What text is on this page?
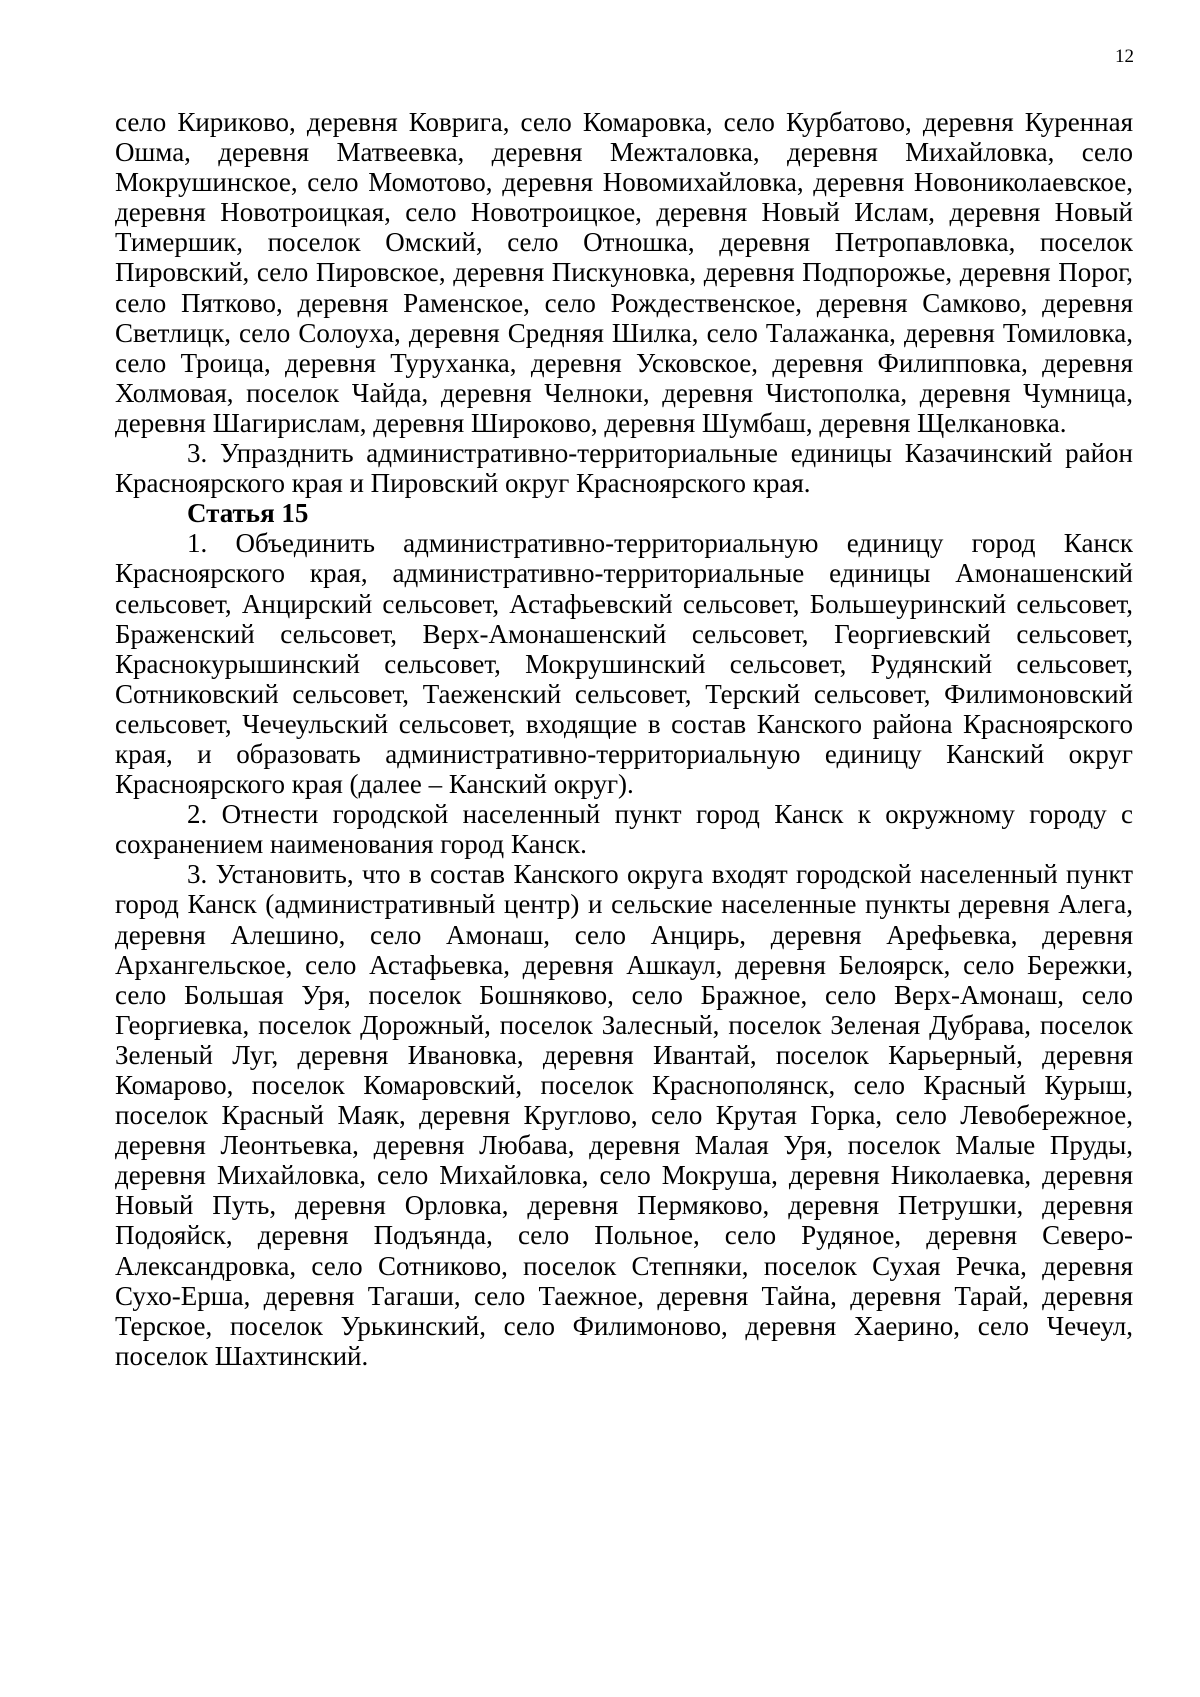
12

село Кириково, деревня Коврига, село Комаровка, село Курбатово, деревня Куренная Ошма, деревня Матвеевка, деревня Межталовка, деревня Михайловка, село Мокрушинское, село Момотово, деревня Новомихайловка, деревня Новониколаевское, деревня Новотроицкая, село Новотроицкое, деревня Новый Ислам, деревня Новый Тимершик, поселок Омский, село Отношка, деревня Петропавловка, поселок Пировский, село Пировское, деревня Пискуновка, деревня Подпорожье, деревня Порог, село Пятково, деревня Раменское, село Рождественское, деревня Самково, деревня Светлицк, село Солоуха, деревня Средняя Шилка, село Талажанка, деревня Томиловка, село Троица, деревня Туруханка, деревня Усковское, деревня Филипповка, деревня Холмовая, поселок Чайда, деревня Челноки, деревня Чистополка, деревня Чумница, деревня Шагирислам, деревня Широково, деревня Шумбаш, деревня Щелкановка.

3. Упразднить административно-территориальные единицы Казачинский район Красноярского края и Пировский округ Красноярского края.

Статья 15

1. Объединить административно-территориальную единицу город Канск Красноярского края, административно-территориальные единицы Амонашенский сельсовет, Анцирский сельсовет, Астафьевский сельсовет, Большеуринский сельсовет, Браженский сельсовет, Верх-Амонашенский сельсовет, Георгиевский сельсовет, Краснокурышинский сельсовет, Мокрушинский сельсовет, Рудянский сельсовет, Сотниковский сельсовет, Таеженский сельсовет, Терский сельсовет, Филимоновский сельсовет, Чечеульский сельсовет, входящие в состав Канского района Красноярского края, и образовать административно-территориальную единицу Канский округ Красноярского края (далее – Канский округ).

2. Отнести городской населенный пункт город Канск к окружному городу с сохранением наименования город Канск.

3. Установить, что в состав Канского округа входят городской населенный пункт город Канск (административный центр) и сельские населенные пункты деревня Алега, деревня Алешино, село Амонаш, село Анцирь, деревня Арефьевка, деревня Архангельское, село Астафьевка, деревня Ашкаул, деревня Белоярск, село Бережки, село Большая Уря, поселок Бошняково, село Бражное, село Верх-Амонаш, село Георгиевка, поселок Дорожный, поселок Залесный, поселок Зеленая Дубрава, поселок Зеленый Луг, деревня Ивановка, деревня Ивантай, поселок Карьерный, деревня Комарово, поселок Комаровский, поселок Краснополянск, село Красный Курыш, поселок Красный Маяк, деревня Круглово, село Крутая Горка, село Левобережное, деревня Леонтьевка, деревня Любава, деревня Малая Уря, поселок Малые Пруды, деревня Михайловка, село Михайловка, село Мокруша, деревня Николаевка, деревня Новый Путь, деревня Орловка, деревня Пермяково, деревня Петрушки, деревня Подояйск, деревня Подъянда, село Польное, село Рудяное, деревня Северо-Александровка, село Сотниково, поселок Степняки, поселок Сухая Речка, деревня Сухо-Ерша, деревня Тагаши, село Таежное, деревня Тайна, деревня Тарай, деревня Терское, поселок Урькинский, село Филимоново, деревня Хаерино, село Чечеул, поселок Шахтинский.
